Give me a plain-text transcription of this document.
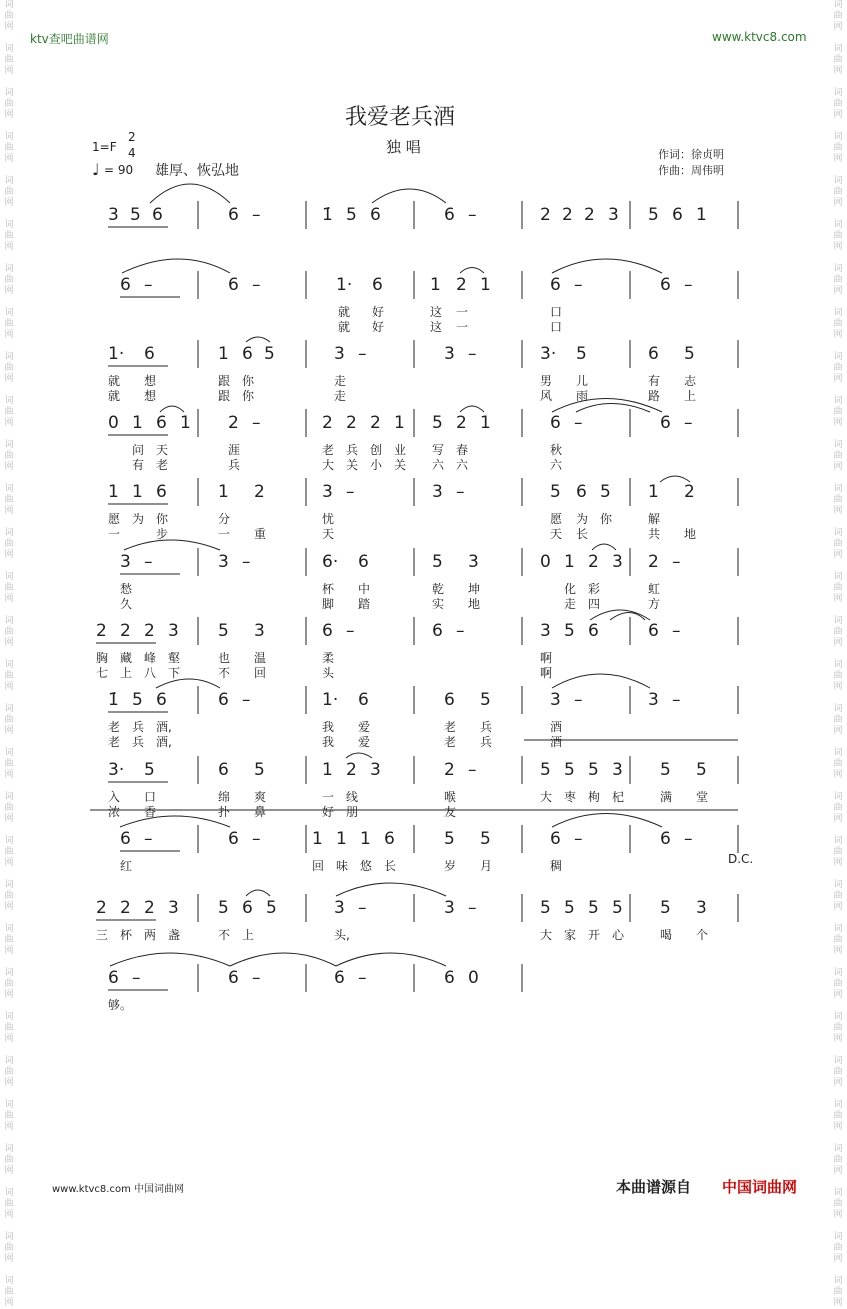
词
曲
网

词
曲
网

词
曲
网

词
曲
网

词
曲
网

词
曲
网

词
曲
网

词
曲
网

词
曲
网

词
曲
网

词
曲
网

词
曲
网

词
曲
网

词
曲
网

词
曲
网

词
曲
网

词
曲
网

词
曲
网

词
曲
网

词
曲
网

词
曲
网

词
曲
网

词
曲
网

词
曲
网

词
曲
网

词
曲
网

词
曲
网

词
曲
网

词
曲
网

词
曲
网
词
曲
网

词
曲
网

词
曲
网

词
曲
网

词
曲
网

词
曲
网

词
曲
网

词
曲
网

词
曲
网

词
曲
网

词
曲
网

词
曲
网

词
曲
网

词
曲
网

词
曲
网

词
曲
网

词
曲
网

词
曲
网

词
曲
网

词
曲
网

词
曲
网

词
曲
网

词
曲
网

词
曲
网

词
曲
网

词
曲
网

词
曲
网

词
曲
网

词
曲
网

词
曲
网
ktv查吧曲谱网	www.ktvc8.com
我爱老兵酒
1=F
2
4
♩ = 90 雄厚、恢弘地
独 唱	作词：徐贞明
作曲：周伟明
3 5 6	6 –	1̇ 5 6	6 –	2 2 2 3 5 6 1
6 –	6 –	1· 6	1 2 1	6 –	6 –
1· 6	1 6 5	3 –	3 –	3· 5	6 5
0 1 6 1 2 –	2 2 2 1 5 2 1	6 –	6 –
1 1 6	1 2	3 –	3 –	5 6 5 1 2
3 –	3 –	6· 6	5 3	0 1 2 3 2 –
2 2 2 3 5 3	6 –	6 –	3 5 6	6 –
1̇ 5 6	6 –	1· 6	6 5	3 –	3 –
3· 5	6 5	1 2 3	2 –	5 5 5 3 5 5
6 –	6 –	1 1 1 6	5 5	6 –	6 –
2 2 2 3 5 6 5	3 –	3 –	5 5 5 5 5 3
6 –	6 –	6 –	6 0
就 好	这 一	口
就 好	这 一	口
就 想	跟 你	走	男 儿	有 志
就 想	跟 你	走	风 雨	路 上
问 天	涯	老 兵 创 业 写 春	秋
有 老	兵	大 关 小 关 六 六	六
愿 为 你	分	忧	愿 为 你	解
一	步	一 重	天	天 长	共 地
愁	杯 中	乾 坤	化 彩	虹
久	脚 踏	实 地	走 四	方
胸 藏 峰 壑	也 温	柔	啊
七 上 八 下	不 回	头	啊
老 兵 酒,	我 爱	老 兵	酒
老 兵 酒,	我 爱	老 兵	酒
入 口	绵 爽	一 线	喉	大 枣 枸 杞	满 堂
浓 香	扑 鼻	好 朋	友
红	回 味 悠 长	岁 月	稠
三 杯 两 盏	不 上	头,	大 家 开 心	喝 个
够。
D.C.
www.ktvc8.com 中国词曲网	本曲谱源自 中国词曲网
